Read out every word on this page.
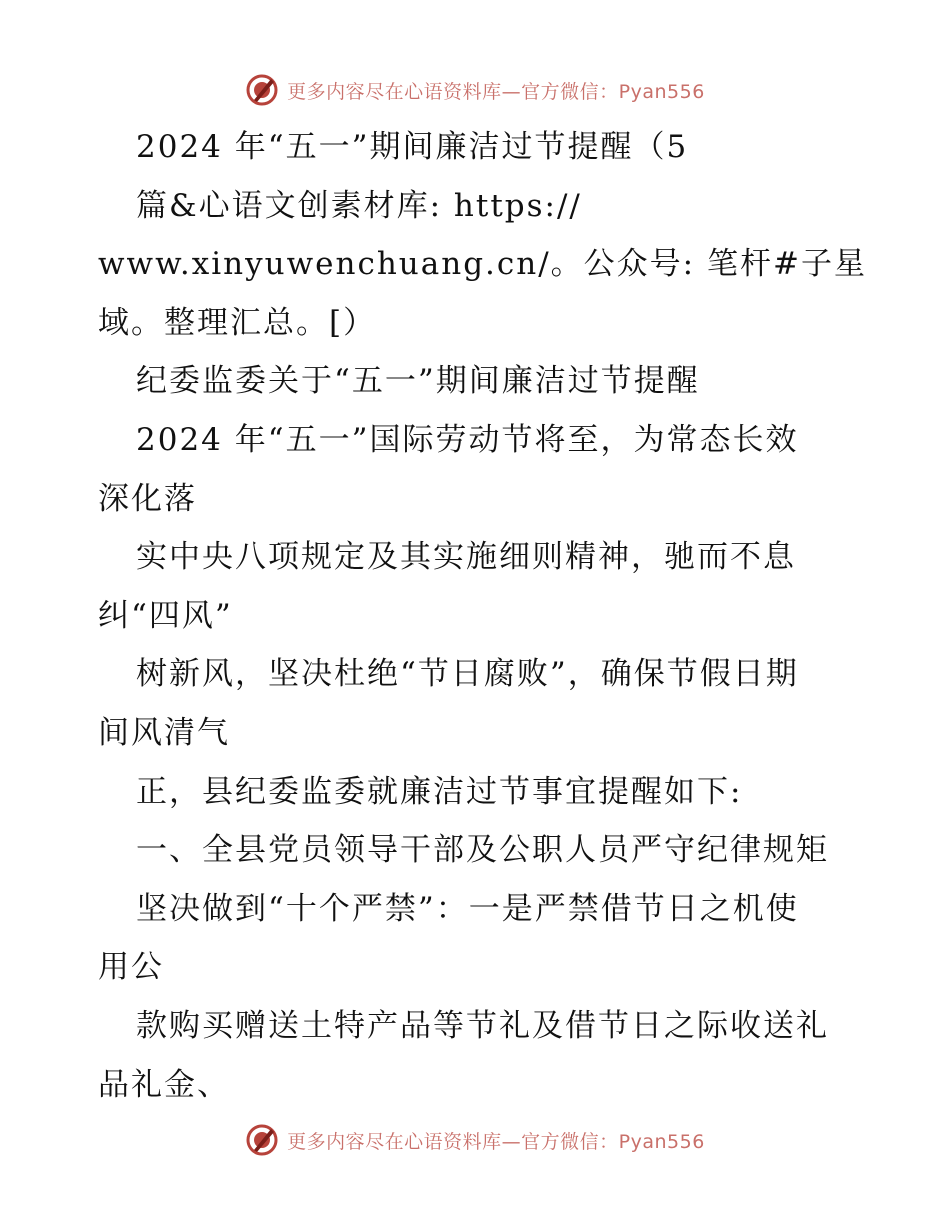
更多内容尽在心语资料库—官方微信：Pyan556
2024 年“五一”期间廉洁过节提醒（5
篇&心语文创素材库: https://
www.xinyuwenchuang.cn/。公众号: 笔杆#子星
域。整理汇总。[）
纪委监委关于“五一”期间廉洁过节提醒
2024 年“五一”国际劳动节将至，为常态长效
深化落
实中央八项规定及其实施细则精神，驰而不息
纠“四风”
树新风，坚决杜绝“节日腐败”，确保节假日期
间风清气
正，县纪委监委就廉洁过节事宜提醒如下:
一、全县党员领导干部及公职人员严守纪律规矩
坚决做到“十个严禁”：一是严禁借节日之机使
用公
款购买赠送土特产品等节礼及借节日之际收送礼
品礼金、
更多内容尽在心语资料库—官方微信：Pyan556
